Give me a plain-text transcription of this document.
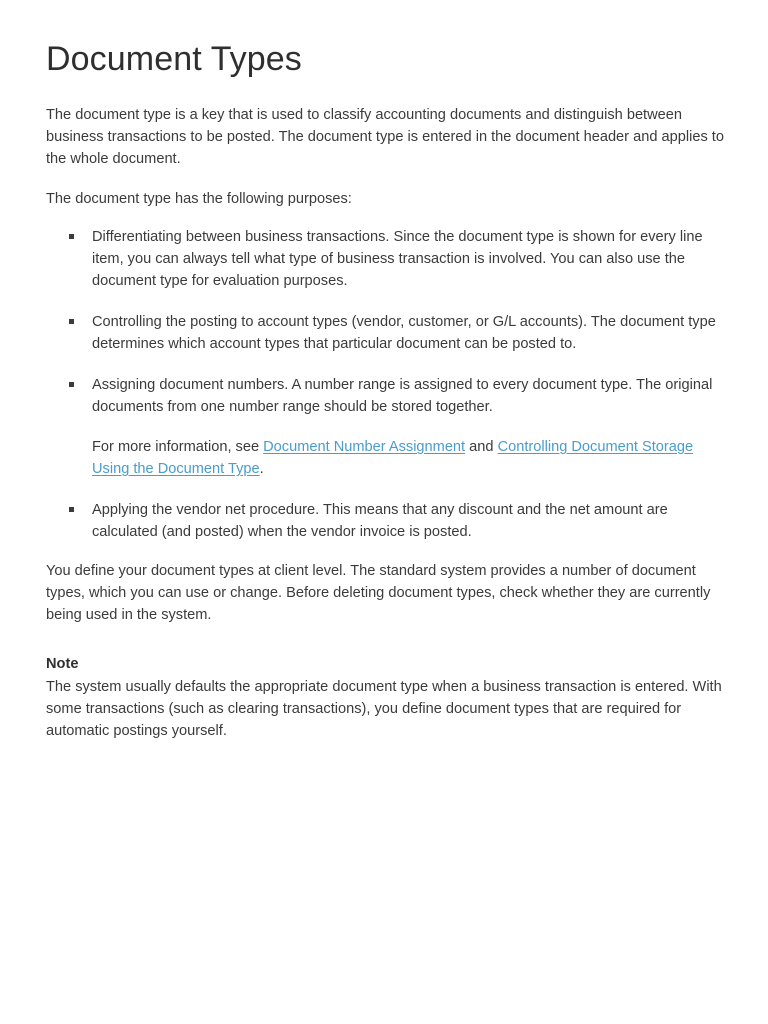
Document Types

The document type is a key that is used to classify accounting documents and distinguish between business transactions to be posted. The document type is entered in the document header and applies to the whole document.

The document type has the following purposes:

Differentiating between business transactions. Since the document type is shown for every line item, you can always tell what type of business transaction is involved. You can also use the document type for evaluation purposes.
Controlling the posting to account types (vendor, customer, or G/L accounts). The document type determines which account types that particular document can be posted to.
Assigning document numbers. A number range is assigned to every document type. The original documents from one number range should be stored together.

For more information, see Document Number Assignment and Controlling Document Storage Using the Document Type.

Applying the vendor net procedure. This means that any discount and the net amount are calculated (and posted) when the vendor invoice is posted.

You define your document types at client level. The standard system provides a number of document types, which you can use or change. Before deleting document types, check whether they are currently being used in the system.

Note

The system usually defaults the appropriate document type when a business transaction is entered. With some transactions (such as clearing transactions), you define document types that are required for automatic postings yourself.
